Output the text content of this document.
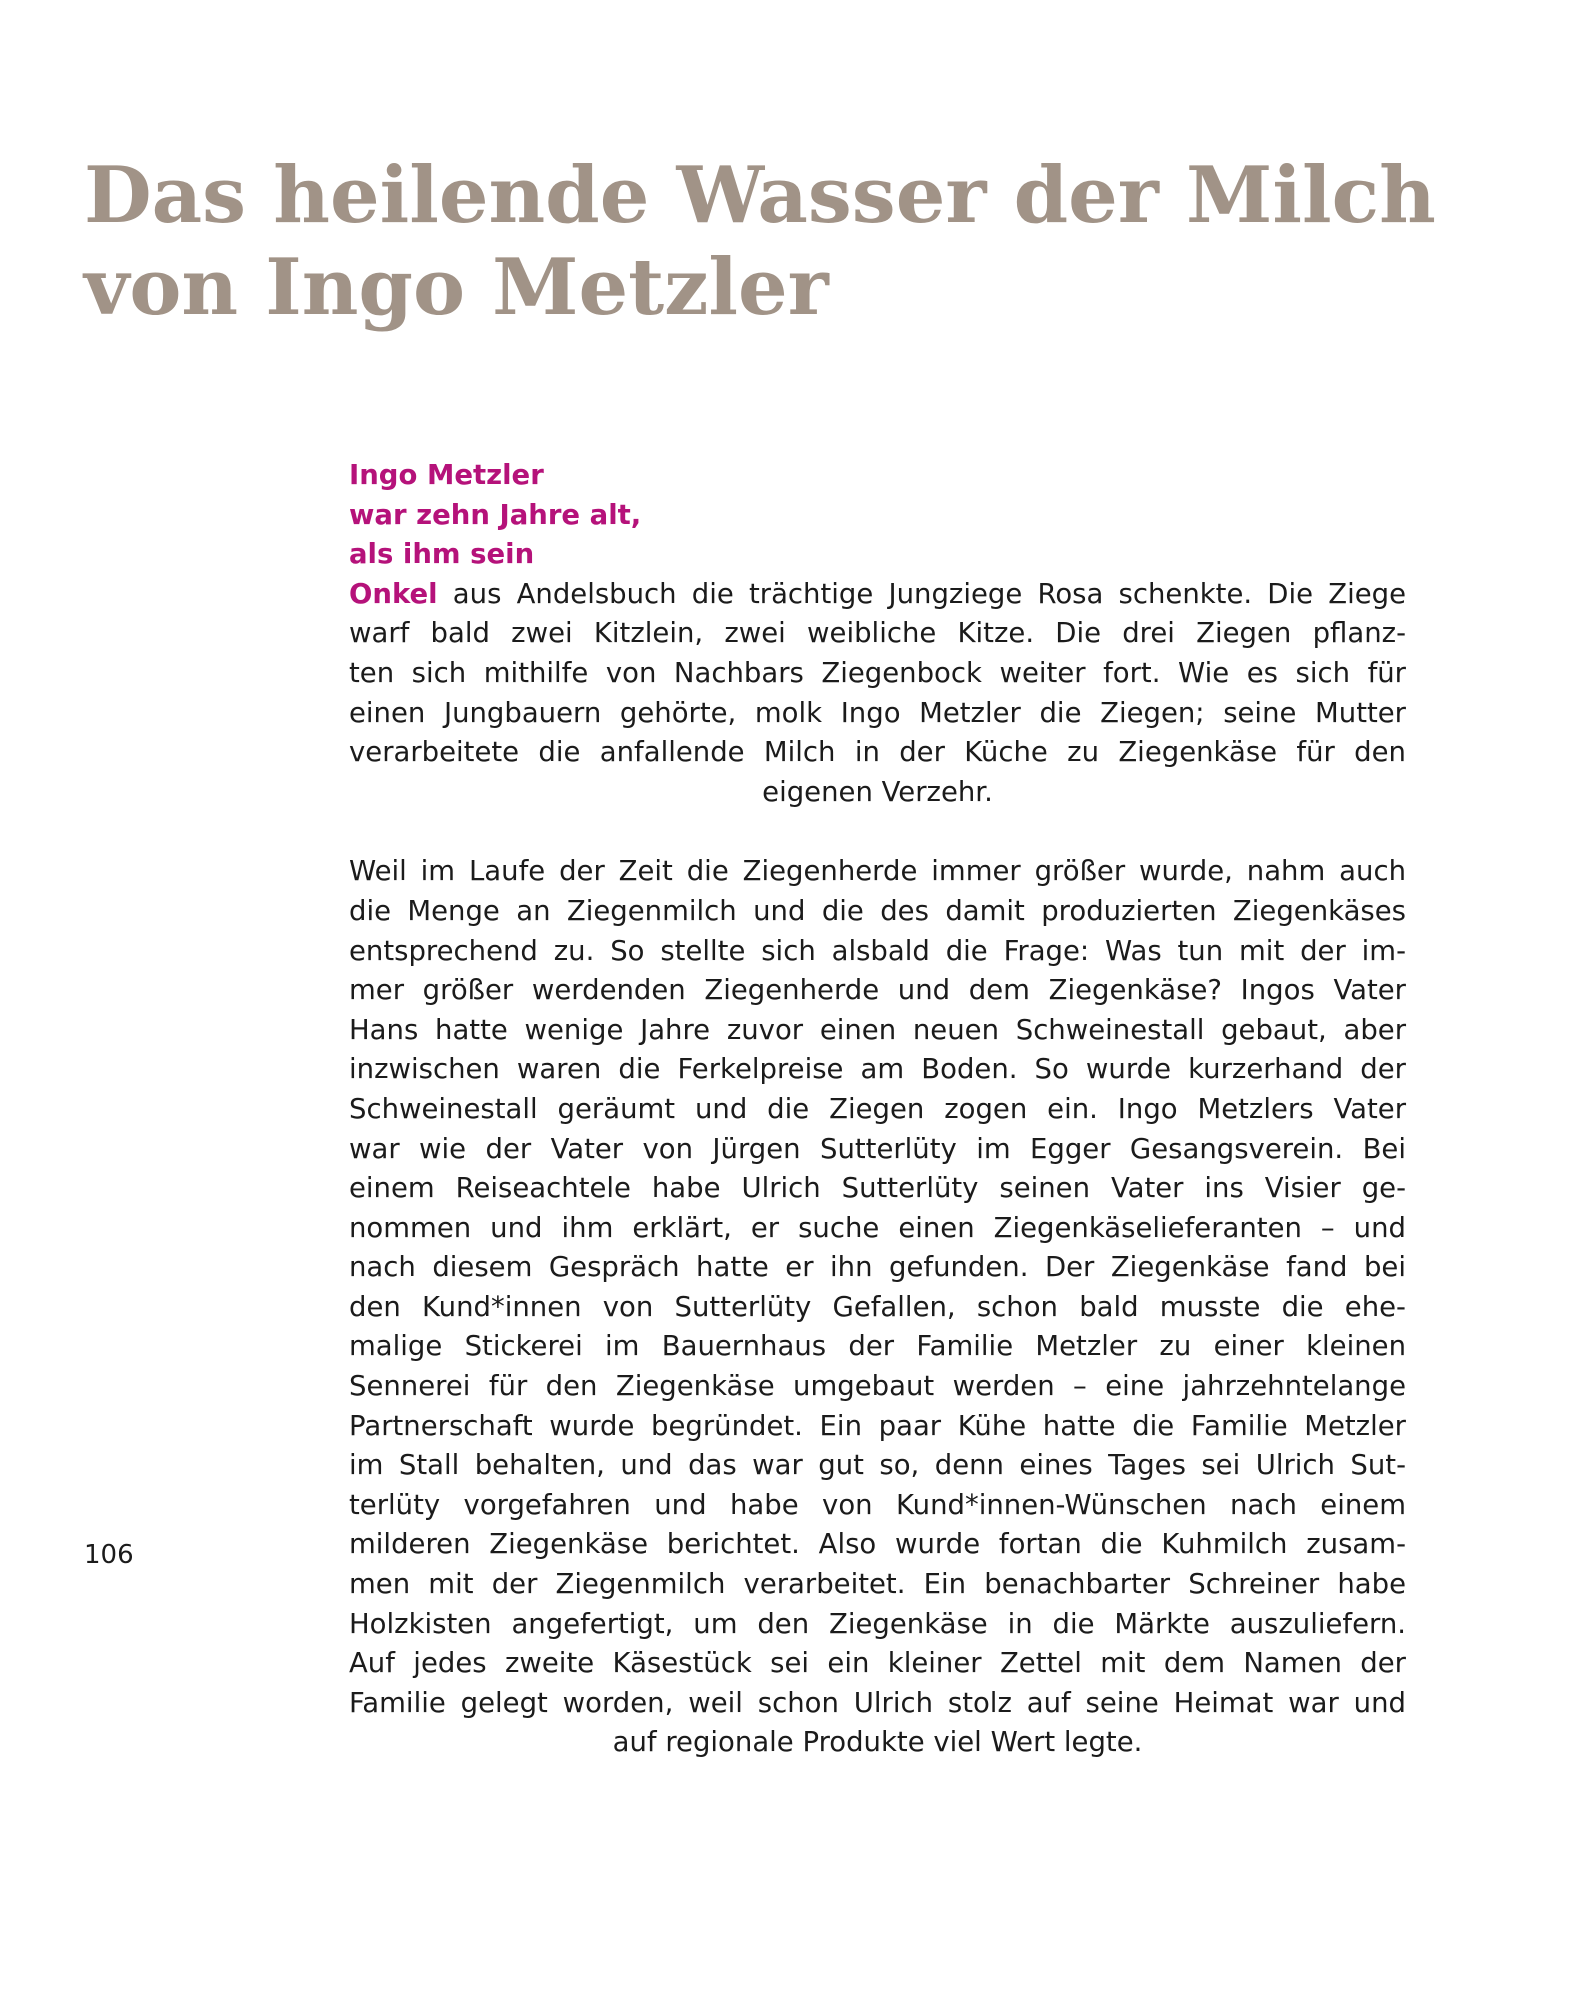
Das heilende Wasser der Milch
von Ingo Metzler
Ingo Metzler
war zehn Jahre alt,
als ihm sein
Onkel aus Andelsbuch die trächtige Jungziege Rosa schenkte. Die Ziege
warf bald zwei Kitzlein, zwei weibliche Kitze. Die drei Ziegen pflanz-
ten sich mithilfe von Nachbars Ziegenbock weiter fort. Wie es sich für
einen Jungbauern gehörte, molk Ingo Metzler die Ziegen; seine Mutter
verarbeitete die anfallende Milch in der Küche zu Ziegenkäse für den
eigenen Verzehr.
Weil im Laufe der Zeit die Ziegenherde immer größer wurde, nahm auch
die Menge an Ziegenmilch und die des damit produzierten Ziegenkäses
entsprechend zu. So stellte sich alsbald die Frage: Was tun mit der im-
mer größer werdenden Ziegenherde und dem Ziegenkäse? Ingos Vater
Hans hatte wenige Jahre zuvor einen neuen Schweinestall gebaut, aber
inzwischen waren die Ferkelpreise am Boden. So wurde kurzerhand der
Schweinestall geräumt und die Ziegen zogen ein. Ingo Metzlers Vater
war wie der Vater von Jürgen Sutterlüty im Egger Gesangsverein. Bei
einem Reiseachtele habe Ulrich Sutterlüty seinen Vater ins Visier ge-
nommen und ihm erklärt, er suche einen Ziegenkäselieferanten – und
nach diesem Gespräch hatte er ihn gefunden. Der Ziegenkäse fand bei
den Kund*innen von Sutterlüty Gefallen, schon bald musste die ehe-
malige Stickerei im Bauernhaus der Familie Metzler zu einer kleinen
Sennerei für den Ziegenkäse umgebaut werden – eine jahrzehntelange
Partnerschaft wurde begründet. Ein paar Kühe hatte die Familie Metzler
im Stall behalten, und das war gut so, denn eines Tages sei Ulrich Sut-
terlüty vorgefahren und habe von Kund*innen-Wünschen nach einem
milderen Ziegenkäse berichtet. Also wurde fortan die Kuhmilch zusam-
men mit der Ziegenmilch verarbeitet. Ein benachbarter Schreiner habe
Holzkisten angefertigt, um den Ziegenkäse in die Märkte auszuliefern.
Auf jedes zweite Käsestück sei ein kleiner Zettel mit dem Namen der
Familie gelegt worden, weil schon Ulrich stolz auf seine Heimat war und
auf regionale Produkte viel Wert legte.
106
